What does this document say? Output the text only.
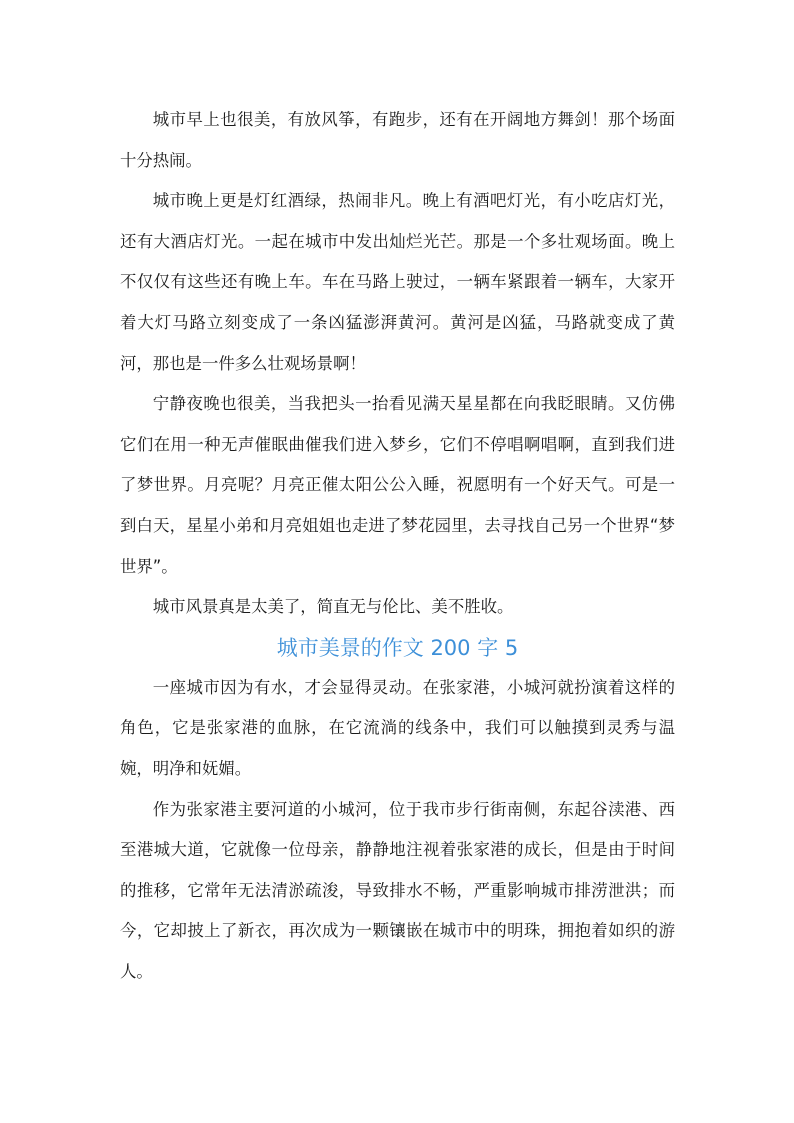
城市早上也很美，有放风筝，有跑步，还有在开阔地方舞剑！那个场面十分热闹。

城市晚上更是灯红酒绿，热闹非凡。晚上有酒吧灯光，有小吃店灯光，还有大酒店灯光。一起在城市中发出灿烂光芒。那是一个多壮观场面。晚上不仅仅有这些还有晚上车。车在马路上驶过，一辆车紧跟着一辆车，大家开着大灯马路立刻变成了一条凶猛澎湃黄河。黄河是凶猛，马路就变成了黄河，那也是一件多么壮观场景啊！

宁静夜晚也很美，当我把头一抬看见满天星星都在向我眨眼睛。又仿佛它们在用一种无声催眠曲催我们进入梦乡，它们不停唱啊唱啊，直到我们进了梦世界。月亮呢？月亮正催太阳公公入睡，祝愿明有一个好天气。可是一到白天，星星小弟和月亮姐姐也走进了梦花园里，去寻找自己另一个世界“梦世界”。

城市风景真是太美了，简直无与伦比、美不胜收。

城市美景的作文 200 字 5

一座城市因为有水，才会显得灵动。在张家港，小城河就扮演着这样的角色，它是张家港的血脉，在它流淌的线条中，我们可以触摸到灵秀与温婉，明净和妩媚。

作为张家港主要河道的小城河，位于我市步行街南侧，东起谷渎港、西至港城大道，它就像一位母亲，静静地注视着张家港的成长，但是由于时间的推移，它常年无法清淤疏浚，导致排水不畅，严重影响城市排涝泄洪；而今，它却披上了新衣，再次成为一颗镶嵌在城市中的明珠，拥抱着如织的游人。
